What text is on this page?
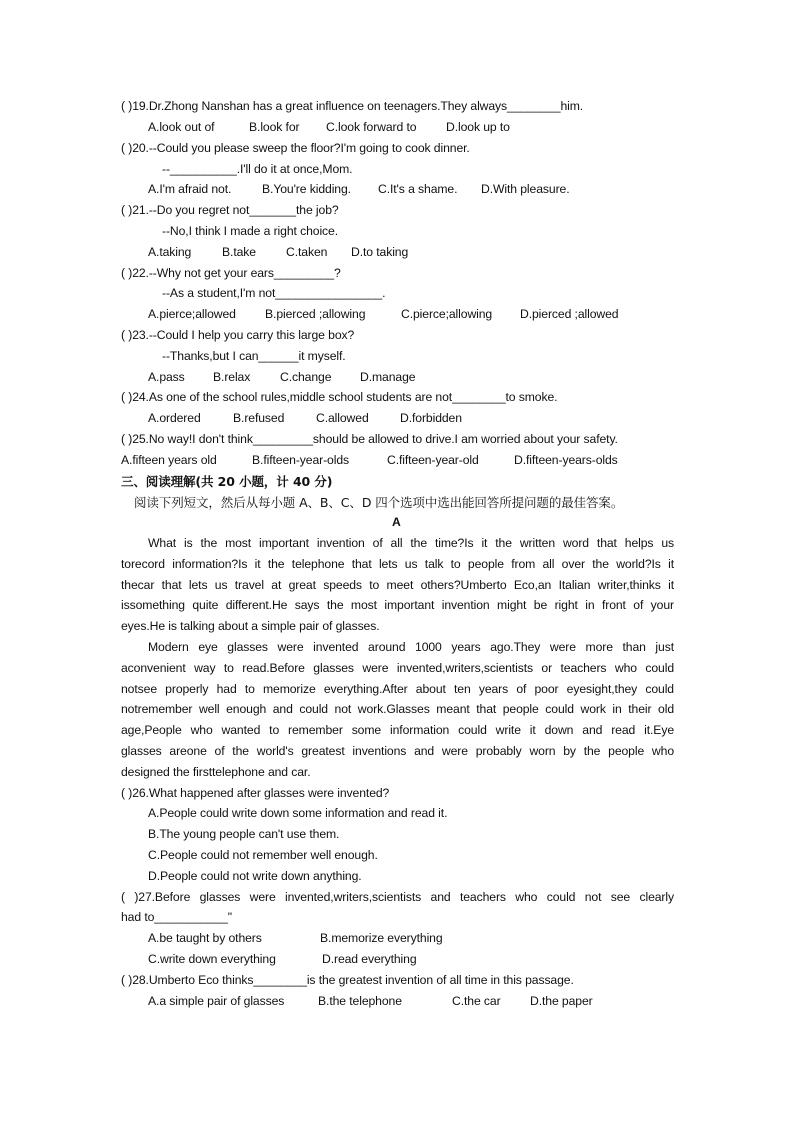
( )19.Dr.Zhong Nanshan has a great influence on teenagers.They always________him.
A.look out of	B.look for C.look forward to D.look up to
( )20.--Could you please sweep the floor?I'm going to cook dinner.
--__________.I'll do it at once,Mom.
A.I'm afraid not.	B.You're kidding. C.It's a shame. D.With pleasure.
( )21.--Do you regret not_______the job?
--No,I think I made a right choice.
A.taking	B.take C.taken D.to taking
( )22.--Why not get your ears_________?
--As a student,I'm not________________.
A.pierce;allowed B.pierced ;allowing	C.pierce;allowing D.pierced ;allowed
( )23.--Could I help you carry this large box?
--Thanks,but I can______it myself.
A.pass B.relax C.change D.manage
( )24.As one of the school rules,middle school students are not________to smoke.
A.ordered	B.refused	C.allowed	D.forbidden
( )25.No way!I don't think_________should be allowed to drive.I am worried about your safety.
A.fifteen years old	B.fifteen-year-olds	C.fifteen-year-old	D.fifteen-years-olds
三、阅读理解(共 20 小题，计 40 分)
阅读下列短文，然后从每小题 A、B、C、D 四个选项中选出能回答所提问题的最佳答案。
A
What is the most important invention of all the time?Is it the written word that helps us
torecord information?Is it the telephone that lets us talk to people from all over the world?Is it
thecar that lets us travel at great speeds to meet others?Umberto Eco,an Italian writer,thinks it
issomething quite different.He says the most important invention might be right in front of your
eyes.He is talking about a simple pair of glasses.
Modern eye glasses were invented around 1000 years ago.They were more than just
aconvenient way to read.Before glasses were invented,writers,scientists or teachers who could
notsee properly had to memorize everything.After about ten years of poor eyesight,they could
notremember well enough and could not work.Glasses meant that people could work in their old
age,People who wanted to remember some information could write it down and read it.Eye
glasses areone of the world's greatest inventions and were probably worn by the people who
designed the firsttelephone and car.
( )26.What happened after glasses were invented?
A.People could write down some information and read it.
B.The young people can't use them.
C.People could not remember well enough.
D.People could not write down anything.
( )27.Before glasses were invented,writers,scientists and teachers who could not see clearly
had to___________"
A.be taught by others	B.memorize everything
C.write down everything	D.read everything
( )28.Umberto Eco thinks________is the greatest invention of all time in this passage.
A.a simple pair of glasses	B.the telephone	C.the car D.the paper
